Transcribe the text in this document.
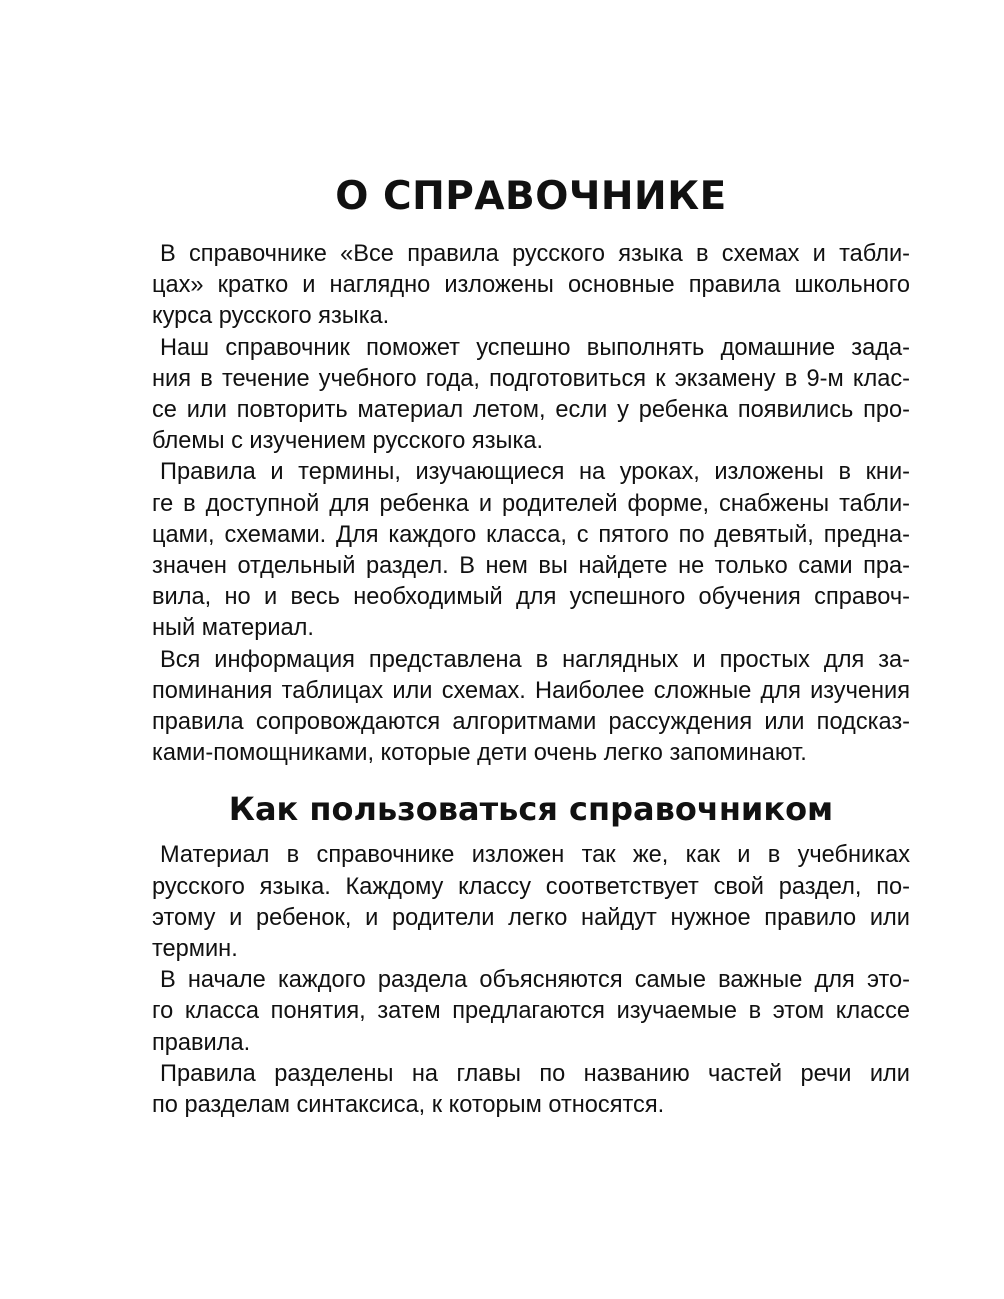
О СПРАВОЧНИКЕ

В справочнике «Все правила русского языка в схемах и табли-
цах» кратко и наглядно изложены основные правила школьного
курса русского языка.

Наш справочник поможет успешно выполнять домашние зада-
ния в течение учебного года, подготовиться к экзамену в 9-м клас-
се или повторить материал летом, если у ребенка появились про-
блемы с изучением русского языка.

Правила и термины, изучающиеся на уроках, изложены в кни-
ге в доступной для ребенка и родителей форме, снабжены табли-
цами, схемами. Для каждого класса, с пятого по девятый, предна-
значен отдельный раздел. В нем вы найдете не только сами пра-
вила, но и весь необходимый для успешного обучения справоч-
ный материал.

Вся информация представлена в наглядных и простых для за-
поминания таблицах или схемах. Наиболее сложные для изучения
правила сопровождаются алгоритмами рассуждения или подсказ-
ками-помощниками, которые дети очень легко запоминают.

Как пользоваться справочником

Материал в справочнике изложен так же, как и в учебниках
русского языка. Каждому классу соответствует свой раздел, по-
этому и ребенок, и родители легко найдут нужное правило или
термин.

В начале каждого раздела объясняются самые важные для это-
го класса понятия, затем предлагаются изучаемые в этом классе
правила.

Правила разделены на главы по названию частей речи или
по разделам синтаксиса, к которым относятся.
